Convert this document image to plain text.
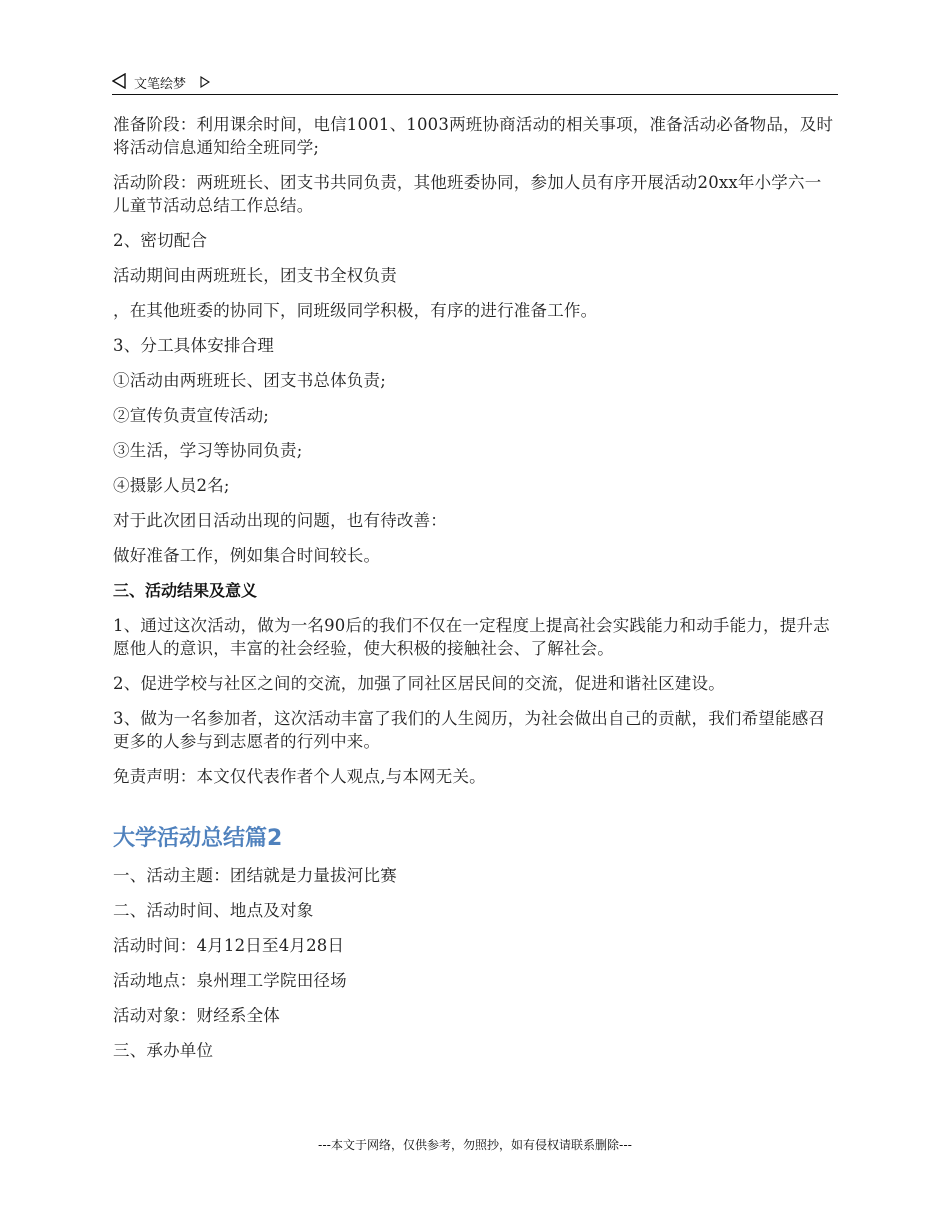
文笔绘梦

准备阶段：利用课余时间，电信1001、1003两班协商活动的相关事项，准备活动必备物品，及时将活动信息通知给全班同学;

活动阶段：两班班长、团支书共同负责，其他班委协同，参加人员有序开展活动20xx年小学六一儿童节活动总结工作总结。

2、密切配合

活动期间由两班班长，团支书全权负责

，在其他班委的协同下，同班级同学积极，有序的进行准备工作。

3、分工具体安排合理

①活动由两班班长、团支书总体负责;

②宣传负责宣传活动;

③生活，学习等协同负责;

④摄影人员2名;

对于此次团日活动出现的问题，也有待改善：

做好准备工作，例如集合时间较长。

三、活动结果及意义

1、通过这次活动，做为一名90后的我们不仅在一定程度上提高社会实践能力和动手能力，提升志愿他人的意识，丰富的社会经验，使大积极的接触社会、了解社会。

2、促进学校与社区之间的交流，加强了同社区居民间的交流，促进和谐社区建设。

3、做为一名参加者，这次活动丰富了我们的人生阅历，为社会做出自己的贡献，我们希望能感召更多的人参与到志愿者的行列中来。

免责声明：本文仅代表作者个人观点,与本网无关。

大学活动总结篇2

一、活动主题：团结就是力量拔河比赛

二、活动时间、地点及对象

活动时间：4月12日至4月28日

活动地点：泉州理工学院田径场

活动对象：财经系全体

三、承办单位

---本文于网络，仅供参考，勿照抄，如有侵权请联系删除---
